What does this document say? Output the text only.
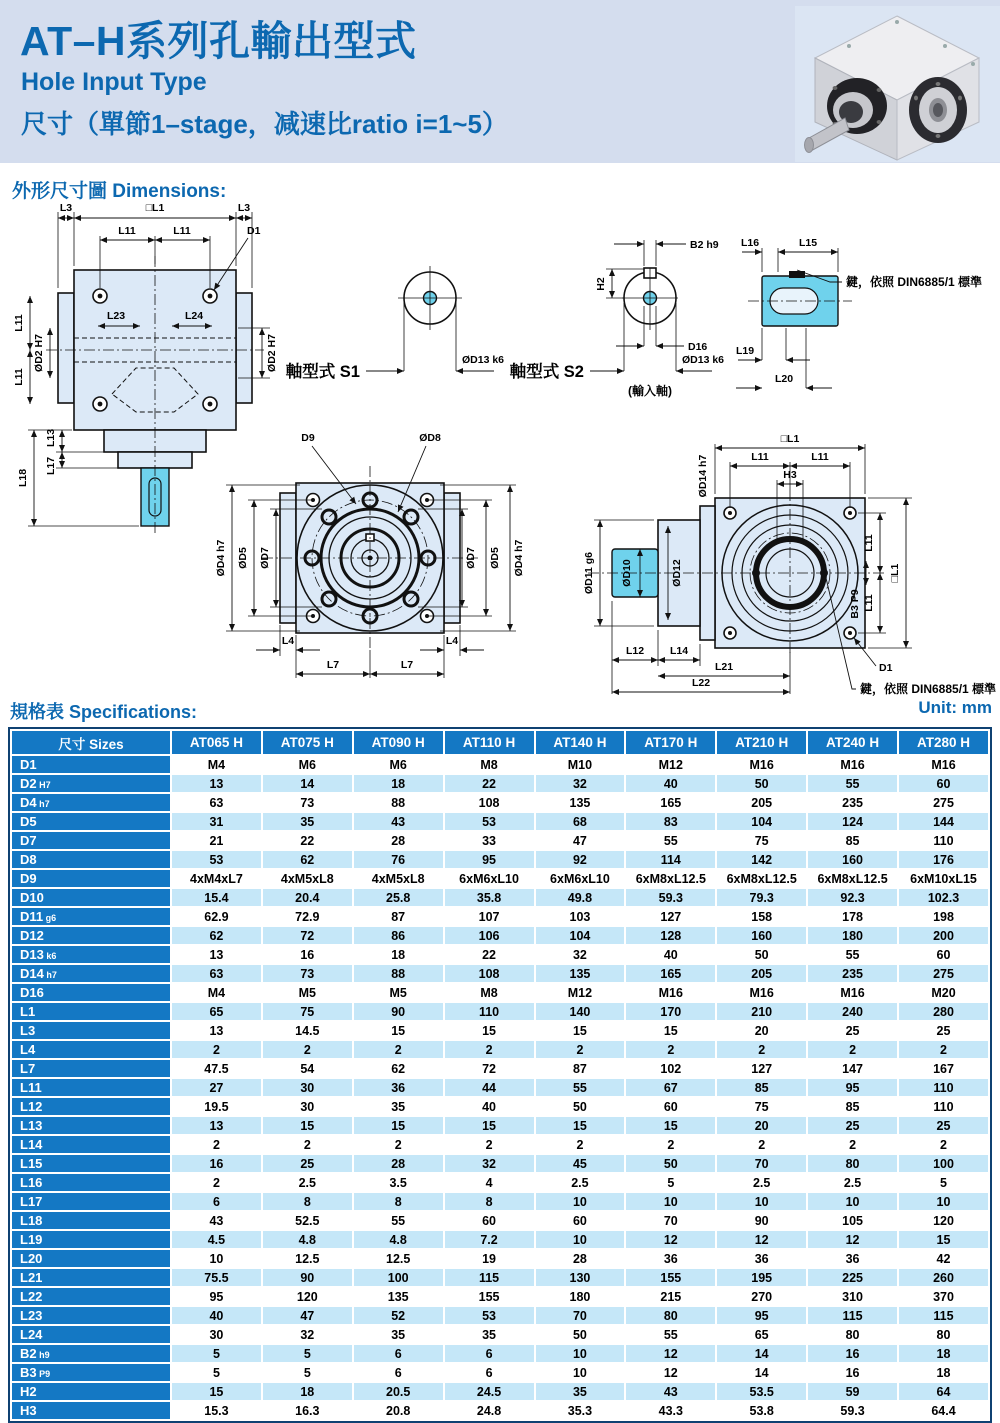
AT–H系列孔輸出型式
Hole Input Type
尺寸（單節1–stage，减速比ratio i=1~5）
外形尺寸圖 Dimensions:
L3	□L1	L3
L11	L11	D1
L23	L24
ØD2 H7
L11
L11
ØD2 H7
L13
L17
L18
軸型式 S1
ØD13 k6
B2 h9
H2
D16
ØD13 k6
軸型式 S2
(輸入軸)
L16	L15
鍵，依照 DIN6885/1 標準
L19
L20
D9	ØD8
ØD4 h7 ØD5 ØD7	ØD7 ØD5 ØD4 h7
L4	L4
L7	L7
□L1
L11	L11
H3
ØD14 h7
ØD12
ØD10
ØD11 g6
L11
L11
□L1
B3 P9
L12 L14
L21
L22
D1
鍵，依照 DIN6885/1 標準
規格表 Specifications:	Unit: mm
尺寸 Sizes	AT065 H	AT075 H	AT090 H	AT110 H	AT140 H	AT170 H	AT210 H	AT240 H	AT280 H
D1	M4	M6	M6	M8	M10	M12	M16	M16	M16
D2 H7	13	14	18	22	32	40	50	55	60
D4 h7	63	73	88	108	135	165	205	235	275
D5	31	35	43	53	68	83	104	124	144
D7	21	22	28	33	47	55	75	85	110
D8	53	62	76	95	92	114	142	160	176
D9	4xM4xL7	4xM5xL8	4xM5xL8	6xM6xL10	6xM6xL10	6xM8xL12.5	6xM8xL12.5	6xM8xL12.5	6xM10xL15
D10	15.4	20.4	25.8	35.8	49.8	59.3	79.3	92.3	102.3
D11 g6	62.9	72.9	87	107	103	127	158	178	198
D12	62	72	86	106	104	128	160	180	200
D13 k6	13	16	18	22	32	40	50	55	60
D14 h7	63	73	88	108	135	165	205	235	275
D16	M4	M5	M5	M8	M12	M16	M16	M16	M20
L1	65	75	90	110	140	170	210	240	280
L3	13	14.5	15	15	15	15	20	25	25
L4	2	2	2	2	2	2	2	2	2
L7	47.5	54	62	72	87	102	127	147	167
L11	27	30	36	44	55	67	85	95	110
L12	19.5	30	35	40	50	60	75	85	110
L13	13	15	15	15	15	15	20	25	25
L14	2	2	2	2	2	2	2	2	2
L15	16	25	28	32	45	50	70	80	100
L16	2	2.5	3.5	4	2.5	5	2.5	2.5	5
L17	6	8	8	8	10	10	10	10	10
L18	43	52.5	55	60	60	70	90	105	120
L19	4.5	4.8	4.8	7.2	10	12	12	12	15
L20	10	12.5	12.5	19	28	36	36	36	42
L21	75.5	90	100	115	130	155	195	225	260
L22	95	120	135	155	180	215	270	310	370
L23	40	47	52	53	70	80	95	115	115
L24	30	32	35	35	50	55	65	80	80
B2 h9	5	5	6	6	10	12	14	16	18
B3 P9	5	5	6	6	10	12	14	16	18
H2	15	18	20.5	24.5	35	43	53.5	59	64
H3	15.3	16.3	20.8	24.8	35.3	43.3	53.8	59.3	64.4
